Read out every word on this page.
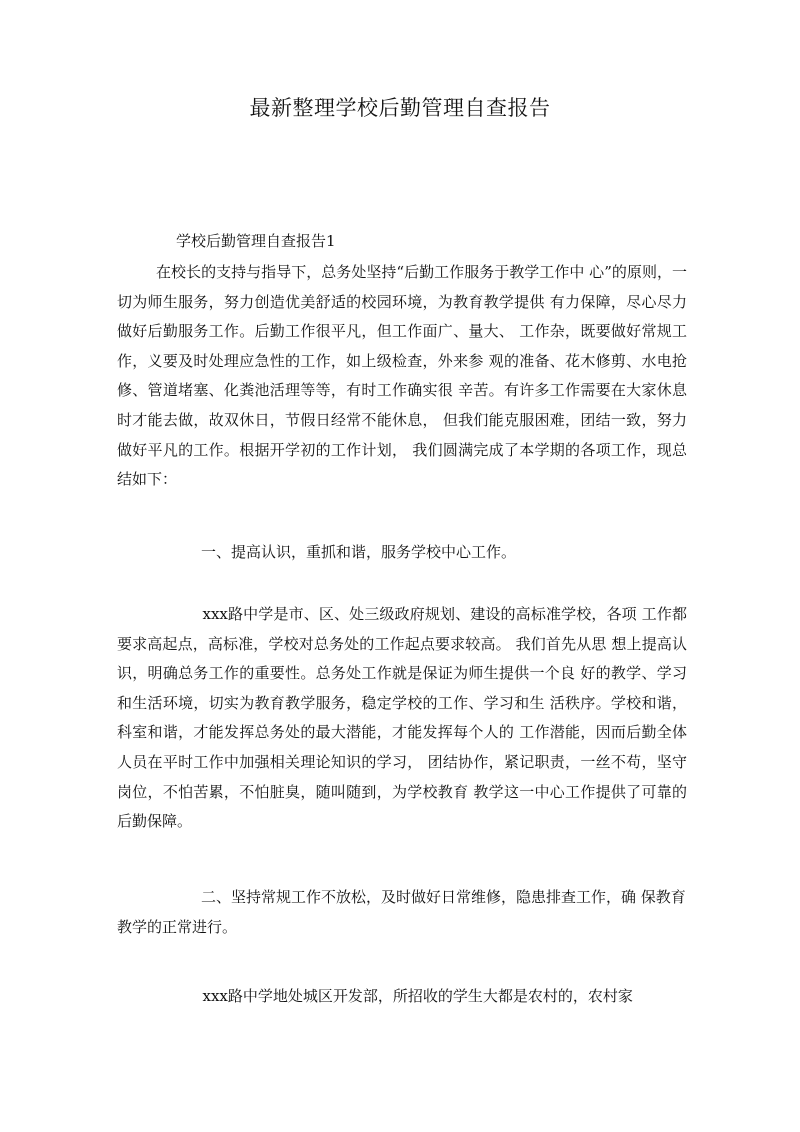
最新整理学校后勤管理自查报告
学校后勤管理自查报告1
在校长的支持与指导下，总务处坚持“后勤工作服务于教学工作中 心”的原则，一切为师生服务，努力创造优美舒适的校园环境，为教育教学提供 有力保障，尽心尽力做好后勤服务工作。后勤工作很平凡，但工作面广、量大、 工作杂，既要做好常规工作，义要及时处理应急性的工作，如上级检查，外来参 观的准备、花木修剪、水电抢修、管道堵塞、化粪池活理等等，有时工作确实很 辛苦。有许多工作需要在大家休息时才能去做，故双休日，节假日经常不能休息， 但我们能克服困难，团结一致，努力做好平凡的工作。根据开学初的工作计划， 我们圆满完成了本学期的各项工作，现总结如下：
一、提高认识，重抓和谐，服务学校中心工作。
xxx路中学是市、区、处三级政府规划、建设的高标准学校，各项 工作都要求高起点，高标准，学校对总务处的工作起点要求较高。 我们首先从思 想上提高认识，明确总务工作的重要性。总务处工作就是保证为师生提供一个良 好的教学、学习和生活环境，切实为教育教学服务，稳定学校的工作、学习和生 活秩序。学校和谐，科室和谐，才能发挥总务处的最大潜能，才能发挥每个人的 工作潜能，因而后勤全体人员在平时工作中加强相关理论知识的学习， 团结协作，紧记职责，一丝不苟，坚守岗位，不怕苦累，不怕脏臭，随叫随到，为学校教育 教学这一中心工作提供了可靠的后勤保障。
二、坚持常规工作不放松，及时做好日常维修，隐患排查工作，确 保教育教学的正常进行。
xxx路中学地处城区开发部，所招收的学生大都是农村的，农村家
